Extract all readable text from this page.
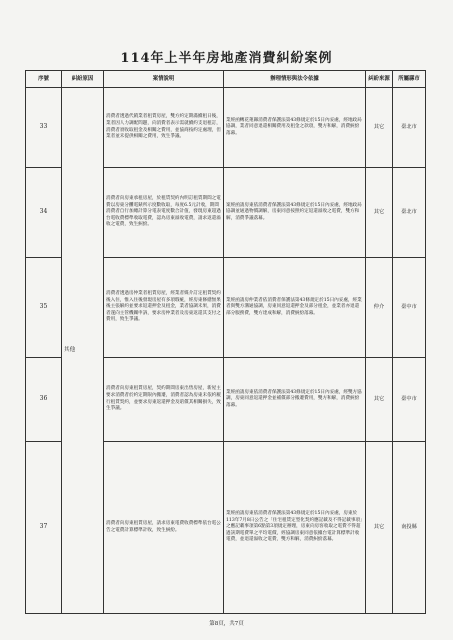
114年上半年房地產消費糾紛案例
序號	糾紛原因	案情說明	辦理情形與法令依據	糾紛來源	所屬縣市
33	其他	消費者透過代銷業者租賃房屋，雙方約定期滿續租日後，業者因人力調配問題，向消費者表示需就續約支退租訂，消費者須收取租金及相關之費用，並協商按約定處理，但業者並未提供相關之費用，致生爭議。	業經函轉花蓮縣消費者保護法第43條規定於15日內妥處，經地政局協調，業者同意退還相關費用及租金之款項，雙方和解，消費糾紛落幕。	其它	臺北市
34		消費者向房東承租房屋，於租賃契約內明訂租賃期間之電費以房東分攤電錶所示度數收取，每度6.5元計收，期間消費者自行加總計算分電表電度數合計值，發現房東超過台電收費標準收取電費，認為房東溢收電費，請求返還溢收之電費，致生糾紛。	案經函請房東依消費者保護法第43條規定於15日內妥處，經地政局協調並通過物價調解，房東同意按照約定返還溢收之電費，雙方和解，消費爭議落幕。	其它	臺北市
35		消費者透過房仲業者租賃房屋，經業者媒介訂定租賃契約後入住，惟入住後發現房屋有多項瑕疵，經房東修繕無果後主張解約並要求返還押金及租金，業者協調未果，消費者遂向主管機關申訴，要求房仲業者及房東返還其支付之費用，致生爭議。	業經函請房仲業者依消費者保護法第43條規定於15日內妥處，經業者與雙方溝通協調，房東同意返還押金及部分租金，並業者亦退還部分服務費，雙方達成和解，消費糾紛落幕。	仲介	臺中市
36		消費者向房東租賃房屋，契約期間房東出售房屋，新屋主要求消費者於約定期限內搬遷，消費者認為房東未依約履行租賃契約，並要求房東返還押金及賠償其相關損失，致生爭議。	業經函請房東依消費者保護法第43條規定於15日內妥處，經雙方協調，房東同意返還押金並補償部分搬遷費用，雙方和解，消費糾紛落幕。	其它	臺中市
37		消費者向房東租賃房屋，請求房東電費收費標準依台電公告之電費計算標準計收，致生糾紛。	業經函請房東依消費者保護法第43條規定於15日內妥處，房東於113年7月8日公告之「住宅租賃定型化契約應記載及不得記載事項」之應記載事項第6點第3項規定辦理，房東向房客收取之電費不得超過該期電費單之平均電價，經協調房東同意依據台電計算標準計收電費，並退還溢收之電費，雙方和解，消費糾紛落幕。	其它	南投縣
第8頁，共7頁
